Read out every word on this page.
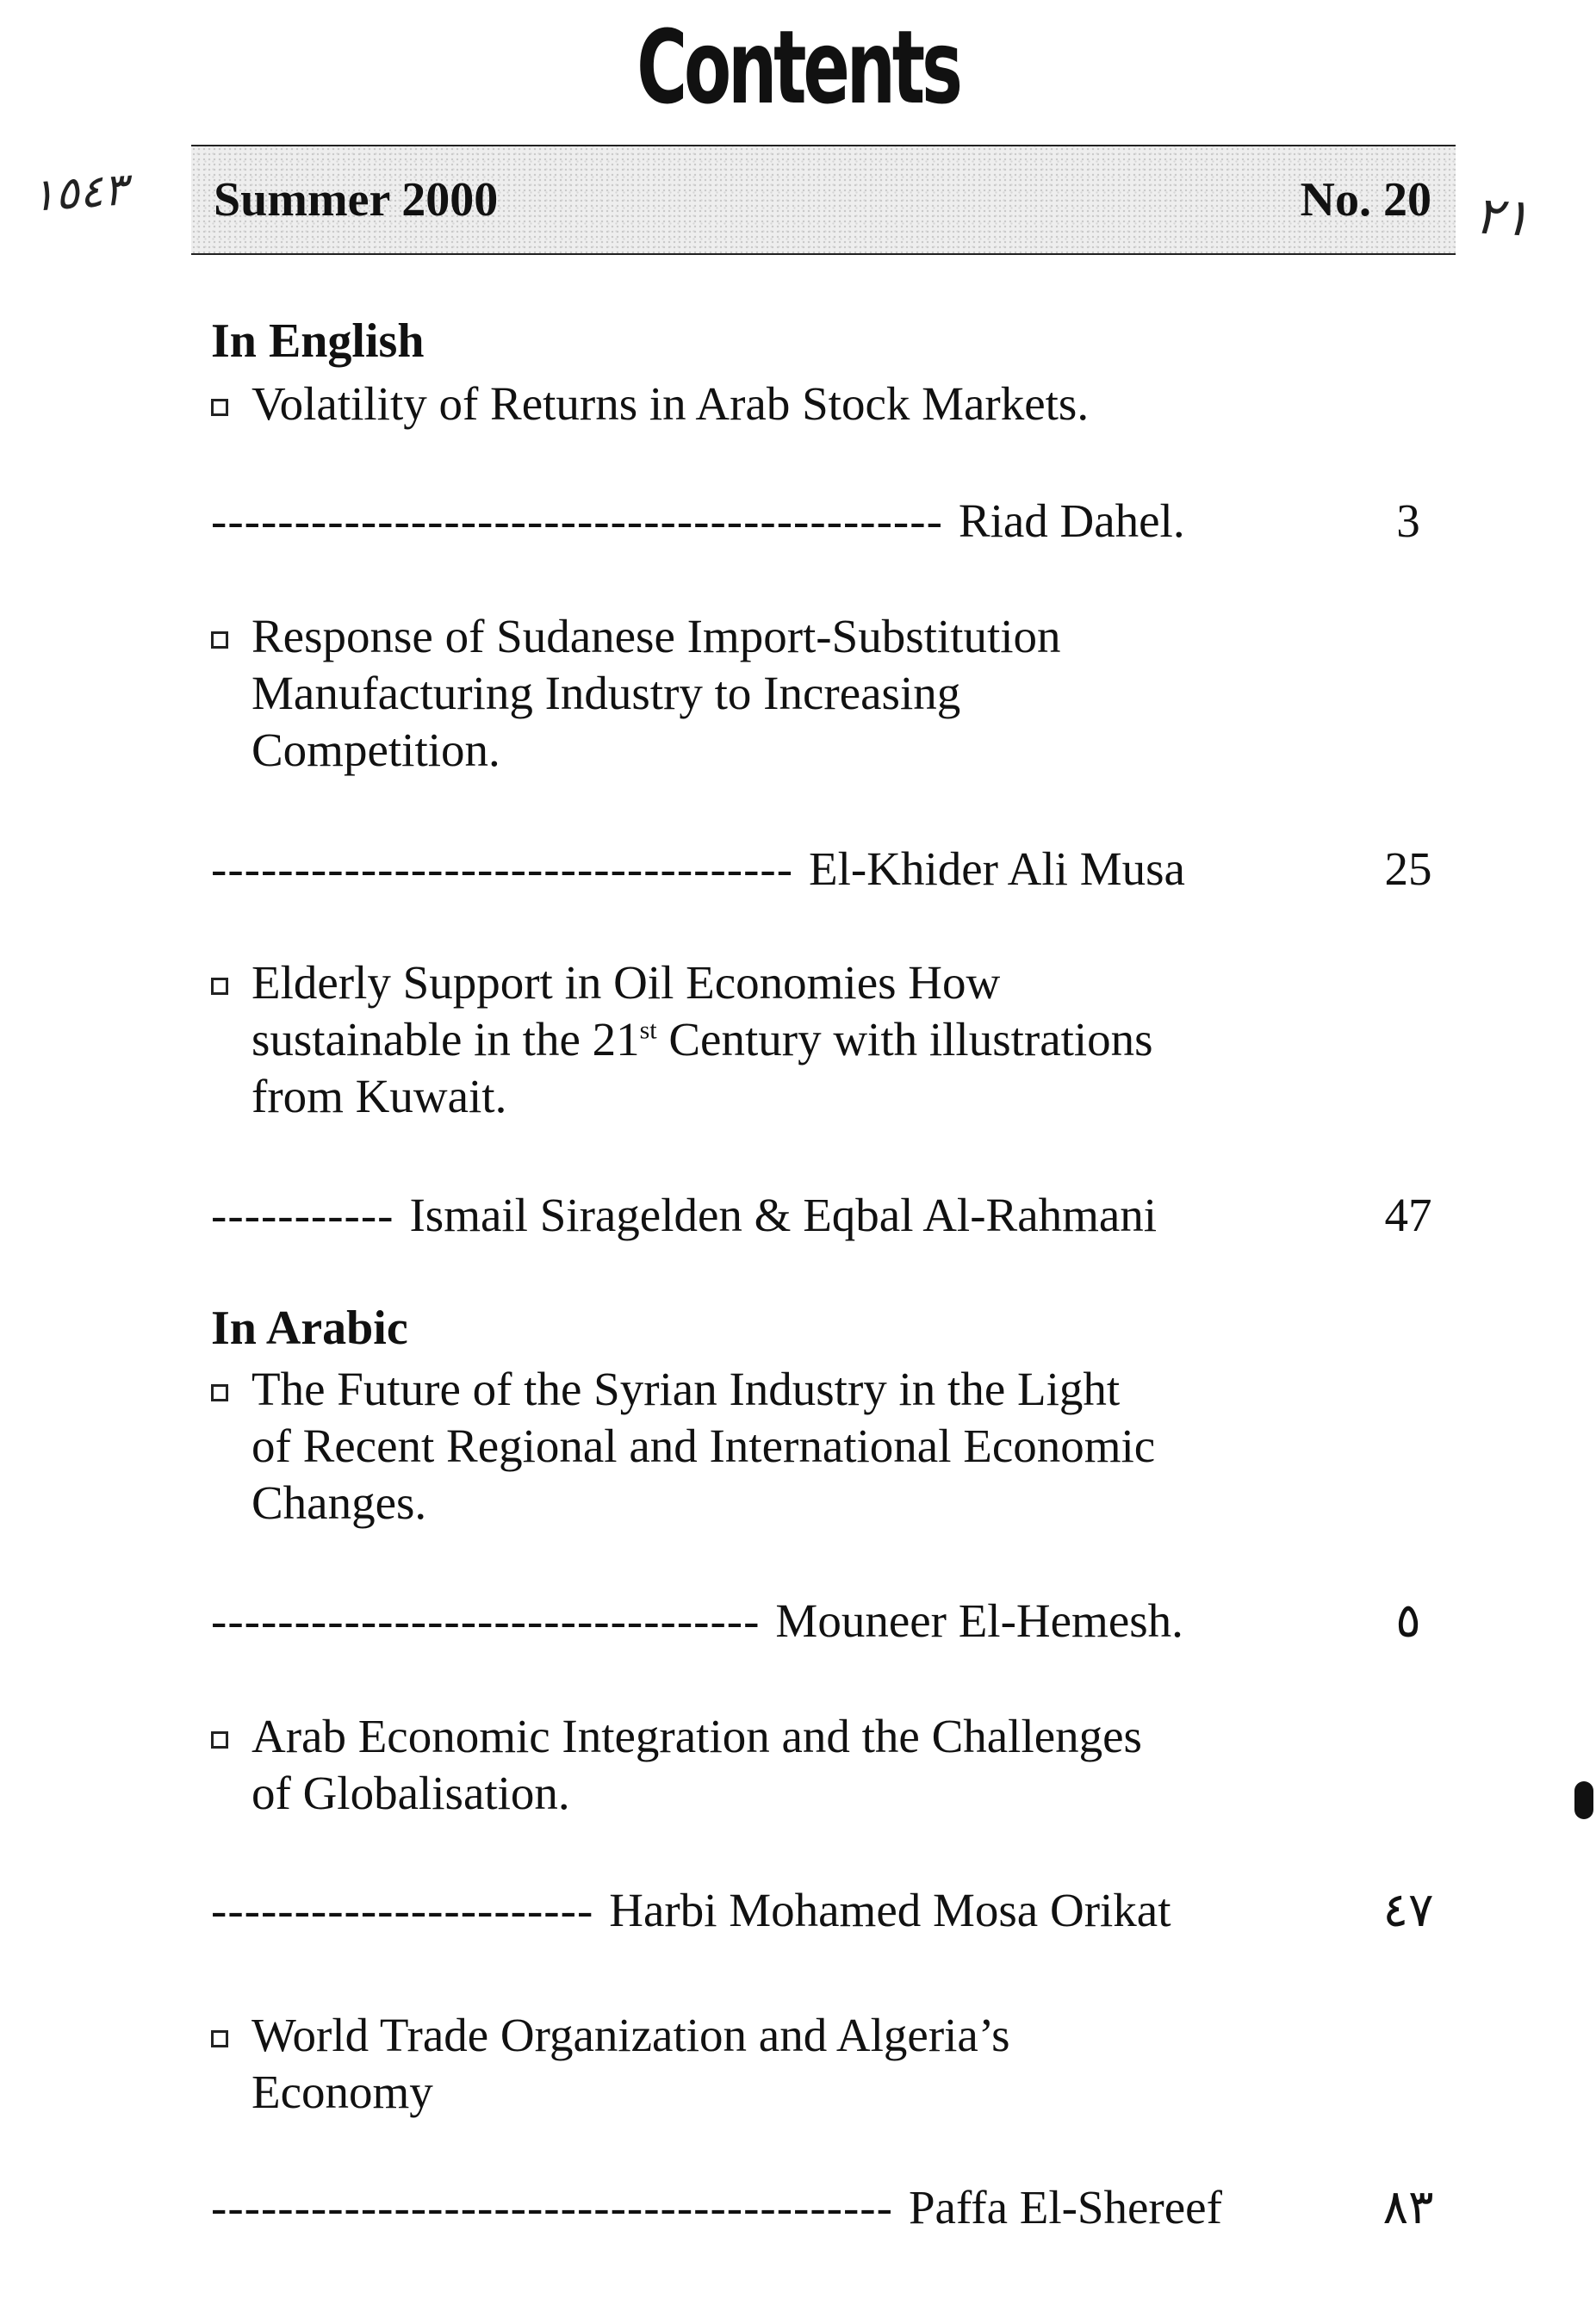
Contents
١٥٤٣ Summer 2000	No. 20 ٢١
In English
Volatility of Returns in Arab Stock Markets.
-------------------------------------------- Riad Dahel.	3
Response of Sudanese Import-Substitution
Manufacturing Industry to Increasing
Competition.
----------------------------------- El-Khider Ali Musa	25
Elderly Support in Oil Economies How
sustainable in the 21st Century with illustrations
from Kuwait.
----------- Ismail Siragelden & Eqbal Al-Rahmani	47
In Arabic
The Future of the Syrian Industry in the Light
of Recent Regional and International Economic
Changes.
--------------------------------- Mouneer El-Hemesh.	٥
Arab Economic Integration and the Challenges
of Globalisation.
----------------------- Harbi Mohamed Mosa Orikat	٤٧
World Trade Organization and Algeria’s
Economy
----------------------------------------- Paffa El-Shereef	٨٣
